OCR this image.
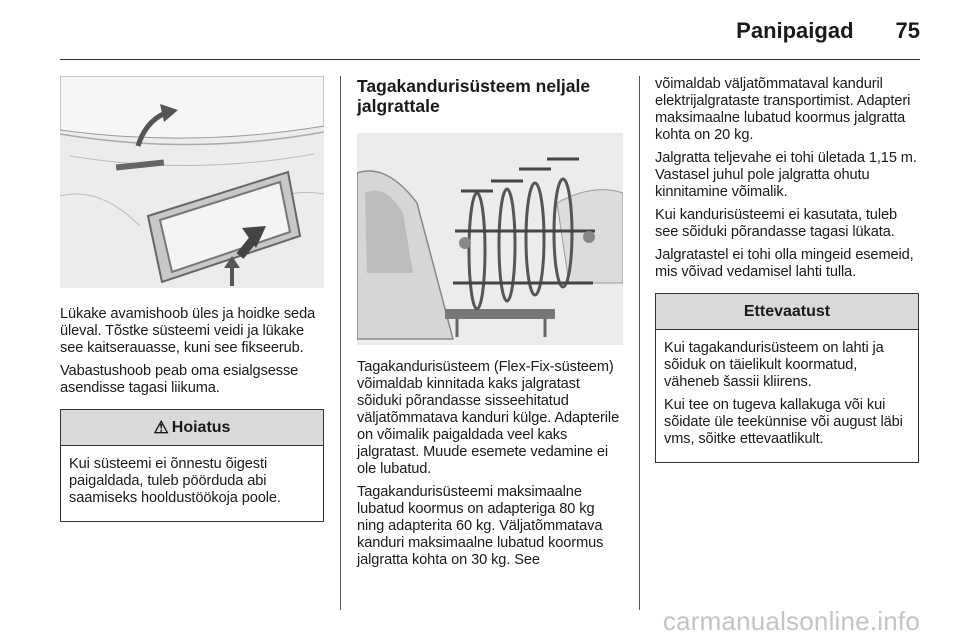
Panipaigad 75

Lükake avamishoob üles ja hoidke seda üleval. Tõstke süsteemi veidi ja lükake see kaitserauasse, kuni see fikseerub.

Vabastushoob peab oma esialgsesse asendisse tagasi liikuma.

⚠ Hoiatus

Kui süsteemi ei õnnestu õigesti paigaldada, tuleb pöörduda abi saamiseks hooldustöökoja poole.

Tagakandurisüsteem neljale jalgrattale

Tagakandurisüsteem (Flex-Fix-süsteem) võimaldab kinnitada kaks jalgratast sõiduki põrandasse sisseehitatud väljatõmmatava kanduri külge. Adapterile on võimalik paigaldada veel kaks jalgratast. Muude esemete vedamine ei ole lubatud.

Tagakandurisüsteemi maksimaalne lubatud koormus on adapteriga 80 kg ning adapterita 60 kg. Väljatõmmatava kanduri maksimaalne lubatud koormus jalgratta kohta on 30 kg. See

võimaldab väljatõmmataval kanduril elektrijalgrataste transportimist. Adapteri maksimaalne lubatud koormus jalgratta kohta on 20 kg.

Jalgratta teljevahe ei tohi ületada 1,15 m. Vastasel juhul pole jalgratta ohutu kinnitamine võimalik.

Kui kandurisüsteemi ei kasutata, tuleb see sõiduki põrandasse tagasi lükata.

Jalgratastel ei tohi olla mingeid esemeid, mis võivad vedamisel lahti tulla.

Ettevaatust

Kui tagakandurisüsteem on lahti ja sõiduk on täielikult koormatud, väheneb šassii kliirens.

Kui tee on tugeva kallakuga või kui sõidate üle teekünnise või august läbi vms, sõitke ettevaatlikult.

carmanualsonline.info
